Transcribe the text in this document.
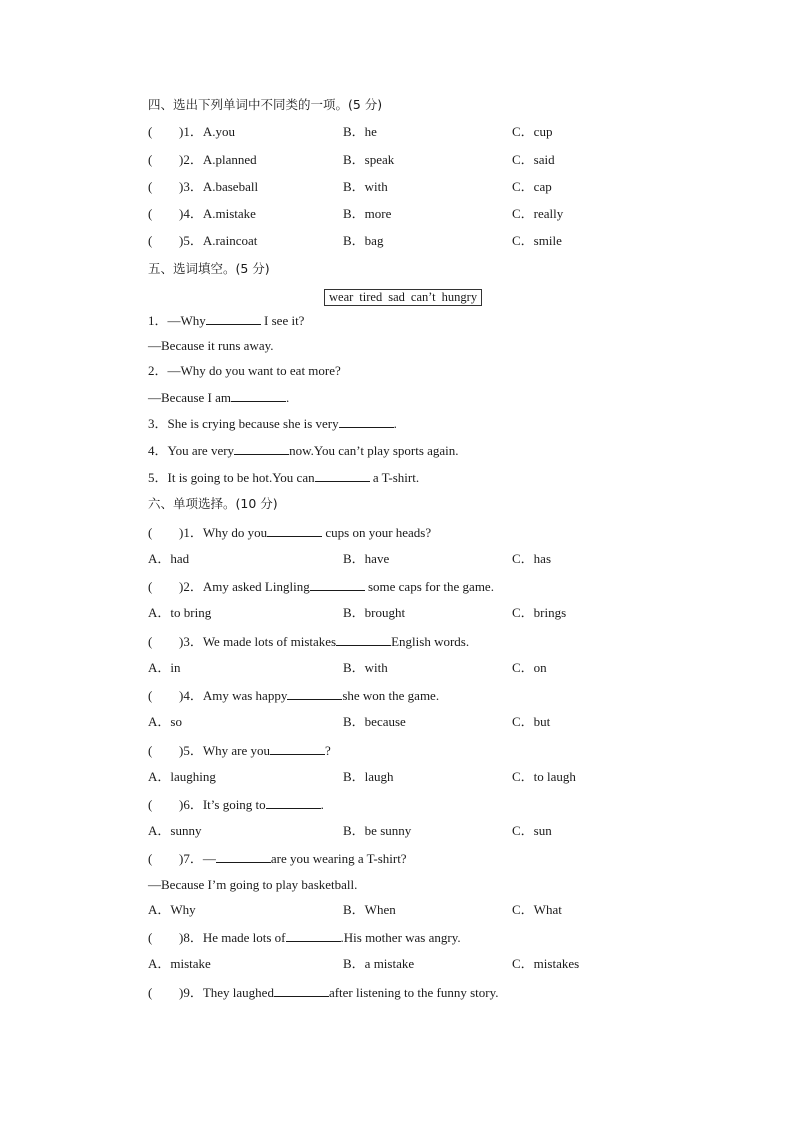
四、选出下列单词中不同类的一项。(5 分)
( )1．A.you	B．he	C．cup
( )2．A.planned	B．speak	C．said
( )3．A.baseball	B．with	C．cap
( )4．A.mistake	B．more	C．really
( )5．A.raincoat	B．bag	C．smile
五、选词填空。(5 分)
wear tired sad can’t hungry
1．—Why	I see it?
—Because it runs away.
2．—Why do you want to eat more?
—Because I am	.
3．She is crying because she is very	.
4．You are very	now.You can’t play sports again.
5．It is going to be hot.You can	a T-shirt.
六、单项选择。(10 分)
( )1．Why do you	cups on your heads?
A．had	B．have	C．has
( )2．Amy asked Lingling	some caps for the game.
A．to bring	B．brought	C．brings
( )3．We made lots of mistakes	English words.
A．in	B．with	C．on
( )4．Amy was happy	she won the game.
A．so	B．because	C．but
( )5．Why are you	?
A．laughing	B．laugh	C．to laugh
( )6．It’s going to	.
A．sunny	B．be sunny	C．sun
( )7．—	are you wearing a T-shirt?
—Because I’m going to play basketball.
A．Why	B．When	C．What
( )8．He made lots of	.His mother was angry.
A．mistake	B．a mistake	C．mistakes
( )9．They laughed	after listening to the funny story.
